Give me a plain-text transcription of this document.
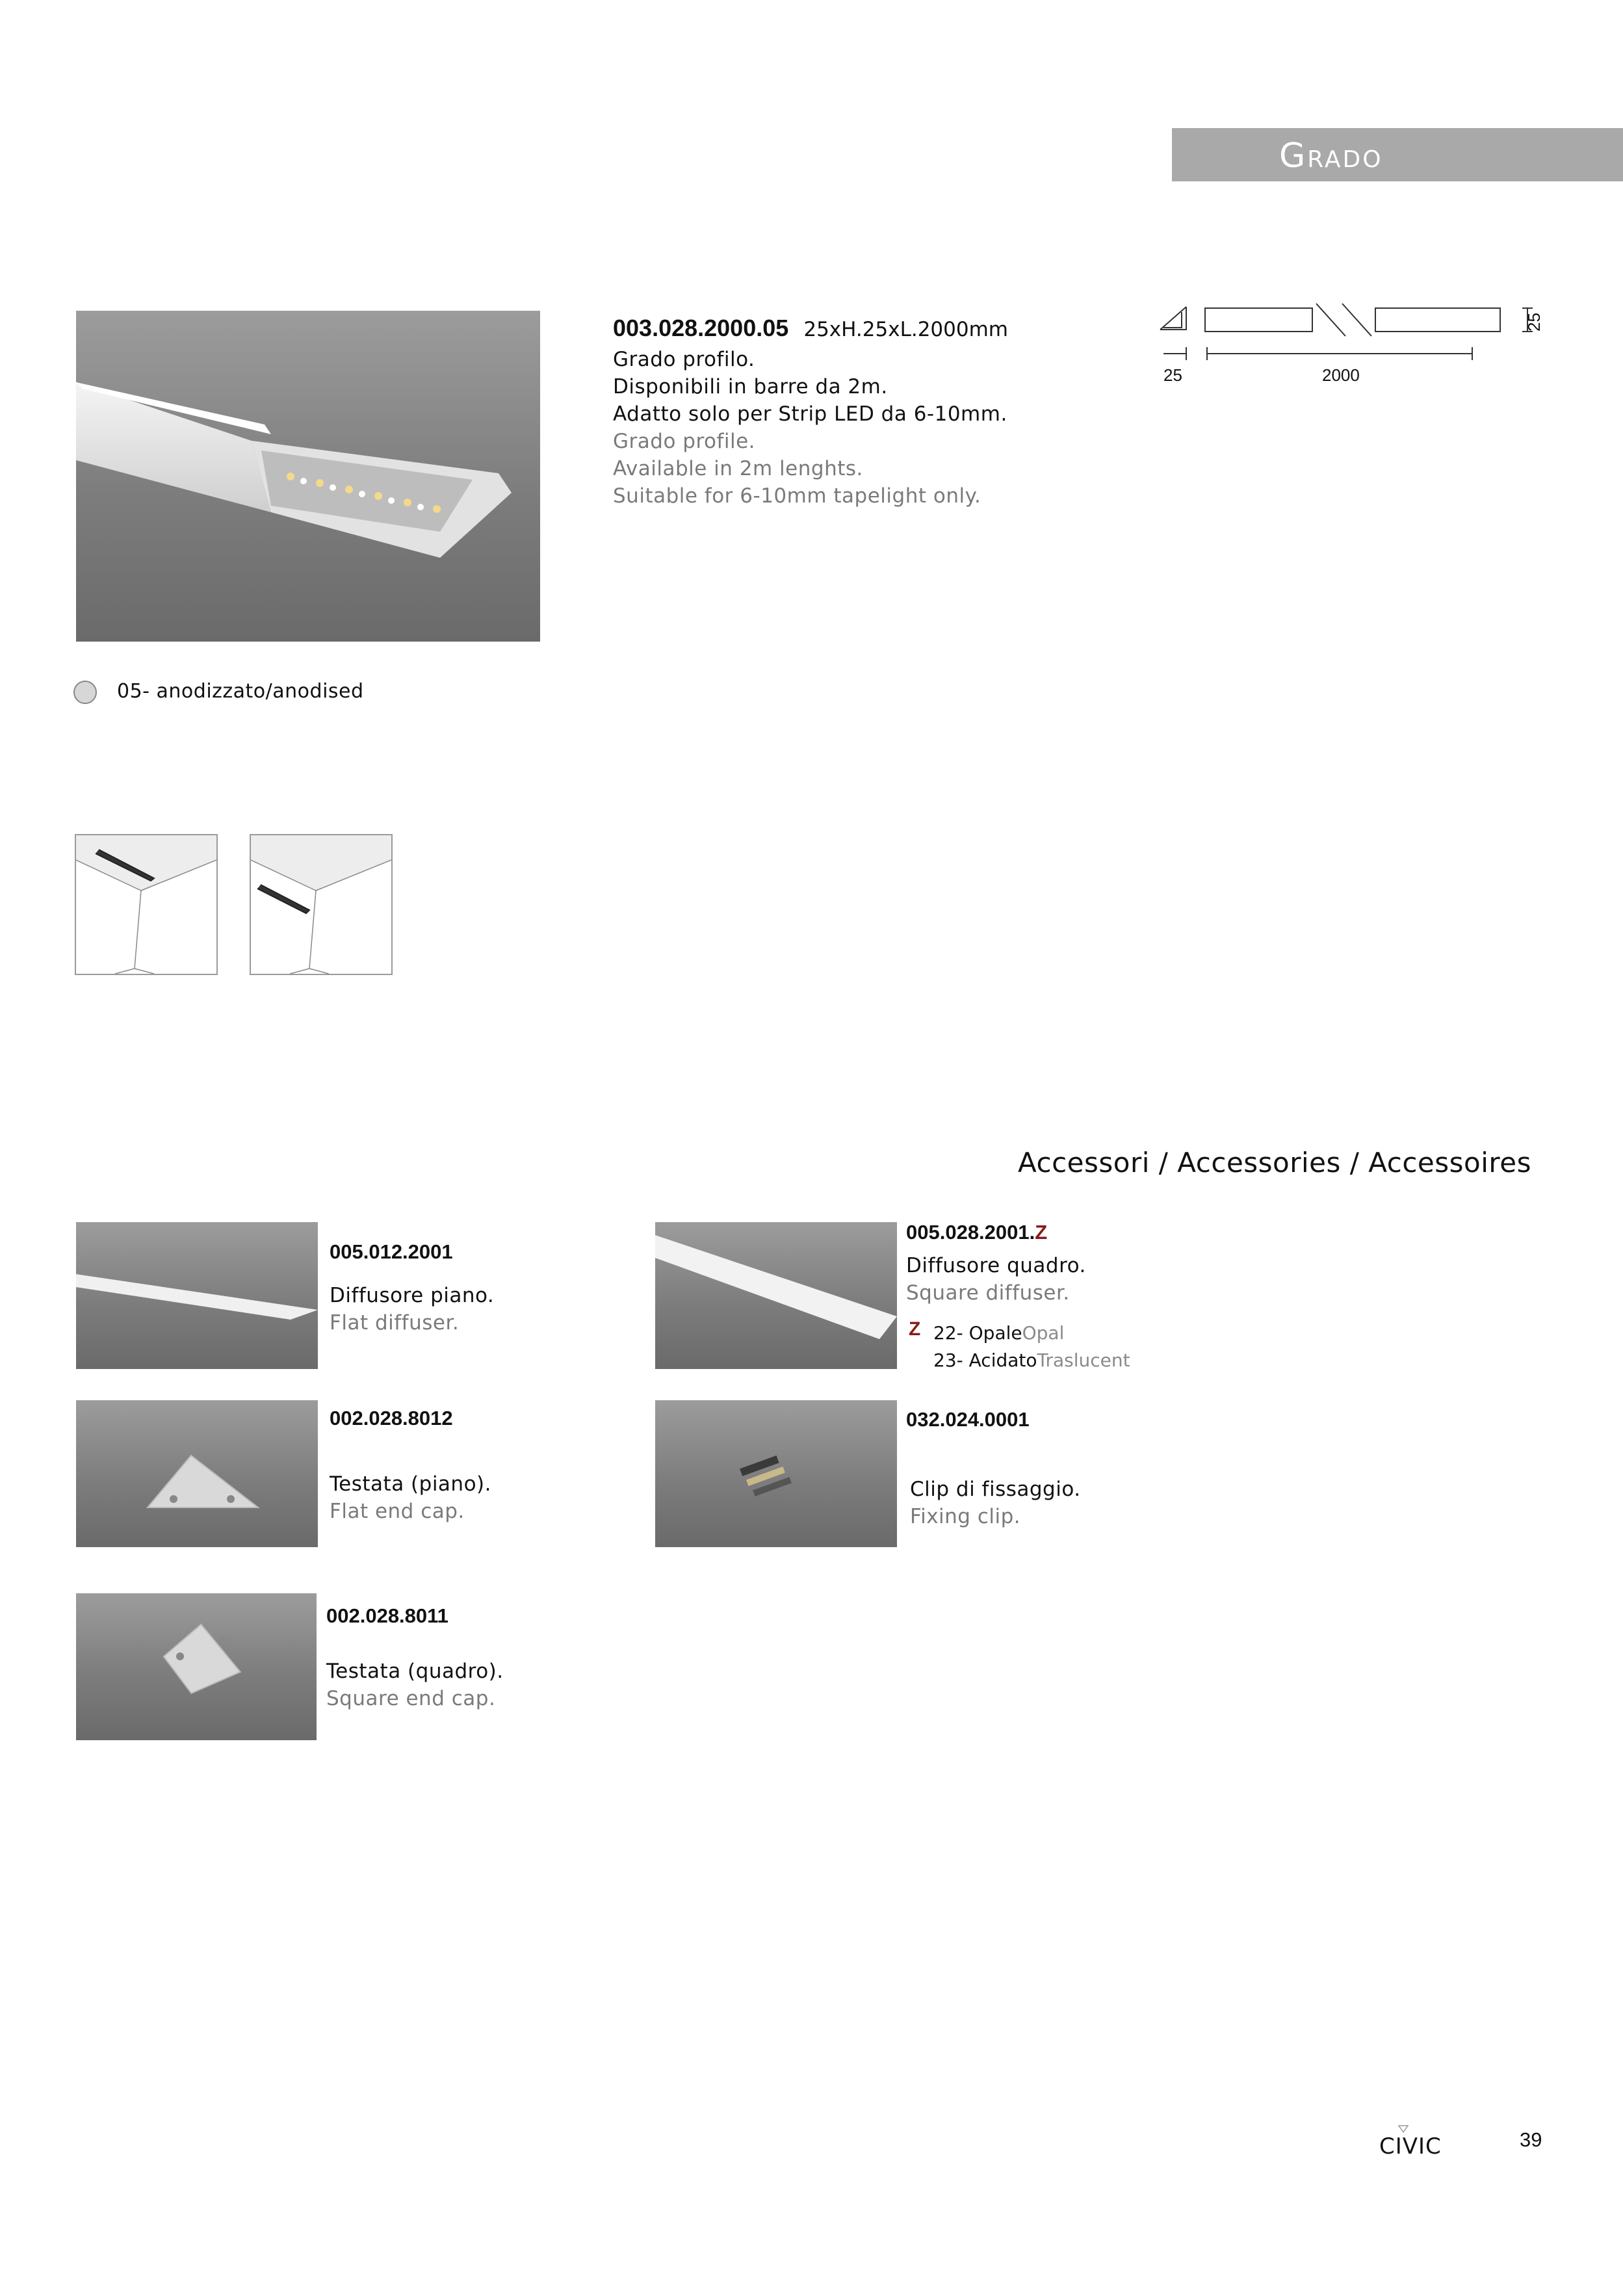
Grado
003.028.2000.05 25xH.25xL.2000mm
Grado profilo.
Disponibili in barre da 2m.
Adatto solo per Strip LED da 6-10mm.
Grado profile.
Available in 2m lenghts.
Suitable for 6-10mm tapelight only.
25	2000
25
05- anodizzato/anodised
Accessori / Accessories / Accessoires
005.012.2001
Diffusore piano.
Flat diffuser.
005.028.2001.Z
Diffusore quadro.
Square diffuser.
Z 22- OpaleOpal
23- AcidatoTraslucent
002.028.8012
Testata (piano).
Flat end cap.
032.024.0001
Clip di fissaggio.
Fixing clip.
002.028.8011
Testata (quadro).
Square end cap.
CIVIC	39
